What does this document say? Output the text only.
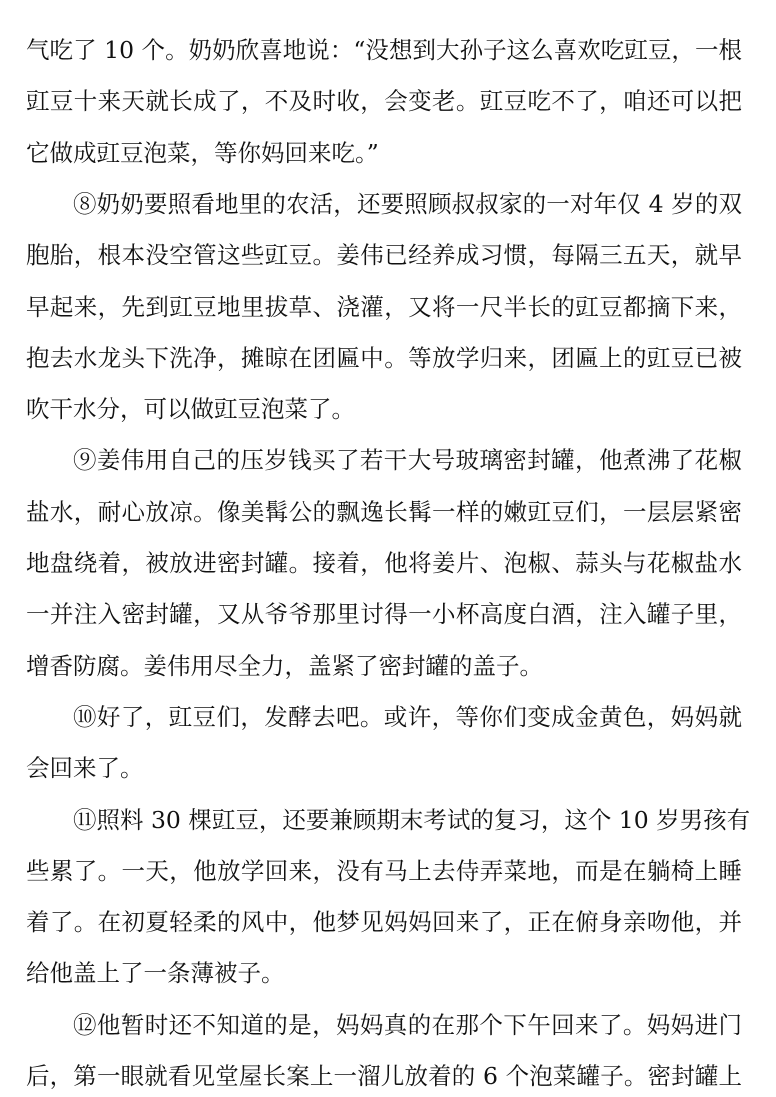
气吃了 10 个。奶奶欣喜地说：“没想到大孙子这么喜欢吃豇豆，一根
豇豆十来天就长成了，不及时收，会变老。豇豆吃不了，咱还可以把
它做成豇豆泡菜，等你妈回来吃。”
⑧奶奶要照看地里的农活，还要照顾叔叔家的一对年仅 4 岁的双
胞胎，根本没空管这些豇豆。姜伟已经养成习惯，每隔三五天，就早
早起来，先到豇豆地里拔草、浇灌，又将一尺半长的豇豆都摘下来，
抱去水龙头下洗净，摊晾在团匾中。等放学归来，团匾上的豇豆已被
吹干水分，可以做豇豆泡菜了。
⑨姜伟用自己的压岁钱买了若干大号玻璃密封罐，他煮沸了花椒
盐水，耐心放凉。像美髯公的飘逸长髯一样的嫩豇豆们，一层层紧密
地盘绕着，被放进密封罐。接着，他将姜片、泡椒、蒜头与花椒盐水
一并注入密封罐，又从爷爷那里讨得一小杯高度白酒，注入罐子里，
增香防腐。姜伟用尽全力，盖紧了密封罐的盖子。
⑩好了，豇豆们，发酵去吧。或许，等你们变成金黄色，妈妈就
会回来了。
⑪照料 30 棵豇豆，还要兼顾期末考试的复习，这个 10 岁男孩有
些累了。一天，他放学回来，没有马上去侍弄菜地，而是在躺椅上睡
着了。在初夏轻柔的风中，他梦见妈妈回来了，正在俯身亲吻他，并
给他盖上了一条薄被子。
⑫他暂时还不知道的是，妈妈真的在那个下午回来了。妈妈进门
后，第一眼就看见堂屋长案上一溜儿放着的 6 个泡菜罐子。密封罐上
